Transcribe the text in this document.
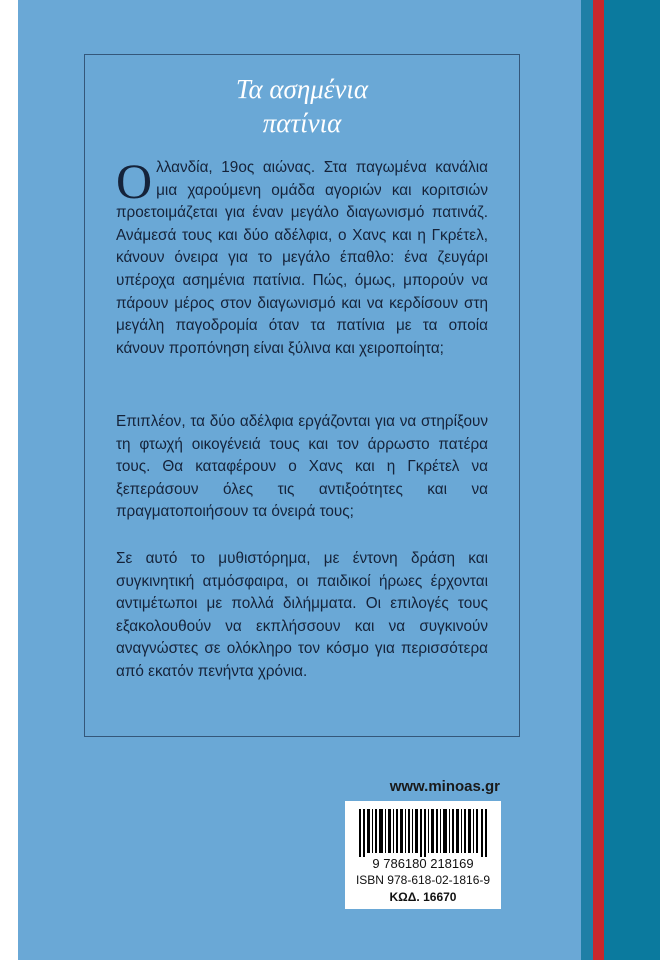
Τα ασημένια
πατίνια

Ολλανδία, 19ος αιώνας. Στα παγωμένα κανάλια μια χαρούμενη ομάδα αγοριών και κοριτσιών προετοιμάζεται για έναν μεγάλο διαγωνισμό πατινάζ. Ανάμεσά τους και δύο αδέλφια, ο Χανς και η Γκρέτελ, κάνουν όνειρα για το μεγάλο έπαθλο: ένα ζευγάρι υπέροχα ασημένια πατίνια. Πώς, όμως, μπορούν να πάρουν μέρος στον διαγωνισμό και να κερδίσουν στη μεγάλη παγοδρομία όταν τα πατίνια με τα οποία κάνουν προπόνηση είναι ξύλινα και χειροποίητα;

Επιπλέον, τα δύο αδέλφια εργάζονται για να στηρίξουν τη φτωχή οικογένειά τους και τον άρρωστο πατέρα τους. Θα καταφέρουν ο Χανς και η Γκρέτελ να ξεπεράσουν όλες τις αντιξοότητες και να πραγματοποιήσουν τα όνειρά τους;

Σε αυτό το μυθιστόρημα, με έντονη δράση και συγκινητική ατμόσφαιρα, οι παιδικοί ήρωες έρχονται αντιμέτωποι με πολλά διλήμματα. Οι επιλογές τους εξακολουθούν να εκπλήσσουν και να συγκινούν αναγνώστες σε ολόκληρο τον κόσμο για περισσότερα από εκατόν πενήντα χρόνια.

www.minoas.gr
9 786180 218169
ISBN 978-618-02-1816-9
ΚΩΔ. 16670
